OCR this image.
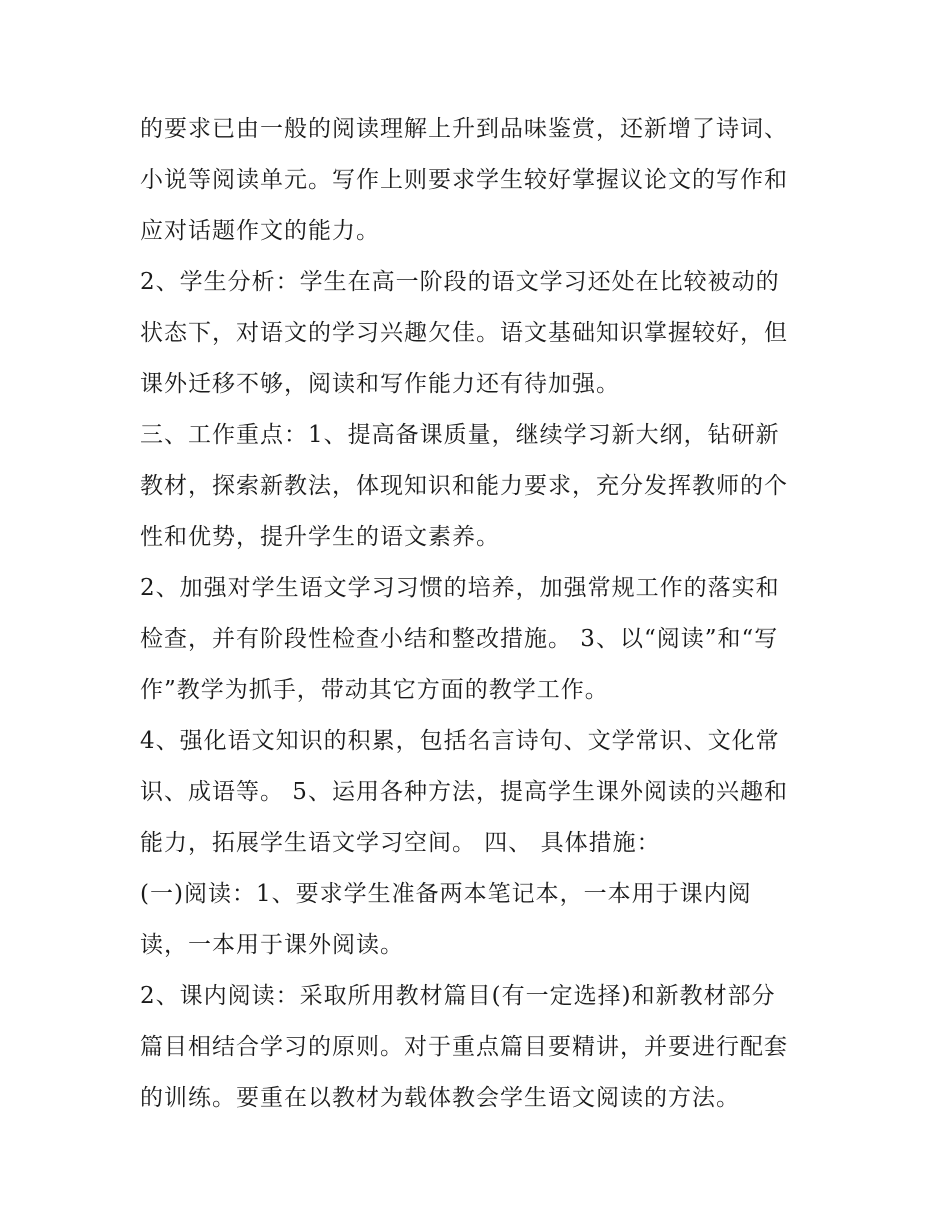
的要求已由一般的阅读理解上升到品味鉴赏，还新增了诗词、
小说等阅读单元。写作上则要求学生较好掌握议论文的写作和
应对话题作文的能力。
2、学生分析：学生在高一阶段的语文学习还处在比较被动的
状态下，对语文的学习兴趣欠佳。语文基础知识掌握较好，但
课外迁移不够，阅读和写作能力还有待加强。
三、工作重点：1、提高备课质量，继续学习新大纲，钻研新
教材，探索新教法，体现知识和能力要求，充分发挥教师的个
性和优势，提升学生的语文素养。
2、加强对学生语文学习习惯的培养，加强常规工作的落实和
检查，并有阶段性检查小结和整改措施。 3、以“阅读”和“写
作”教学为抓手，带动其它方面的教学工作。
4、强化语文知识的积累，包括名言诗句、文学常识、文化常
识、成语等。 5、运用各种方法，提高学生课外阅读的兴趣和
能力，拓展学生语文学习空间。 四、 具体措施：
(一)阅读：1、要求学生准备两本笔记本，一本用于课内阅
读，一本用于课外阅读。
2、课内阅读：采取所用教材篇目(有一定选择)和新教材部分
篇目相结合学习的原则。对于重点篇目要精讲，并要进行配套
的训练。要重在以教材为载体教会学生语文阅读的方法。
